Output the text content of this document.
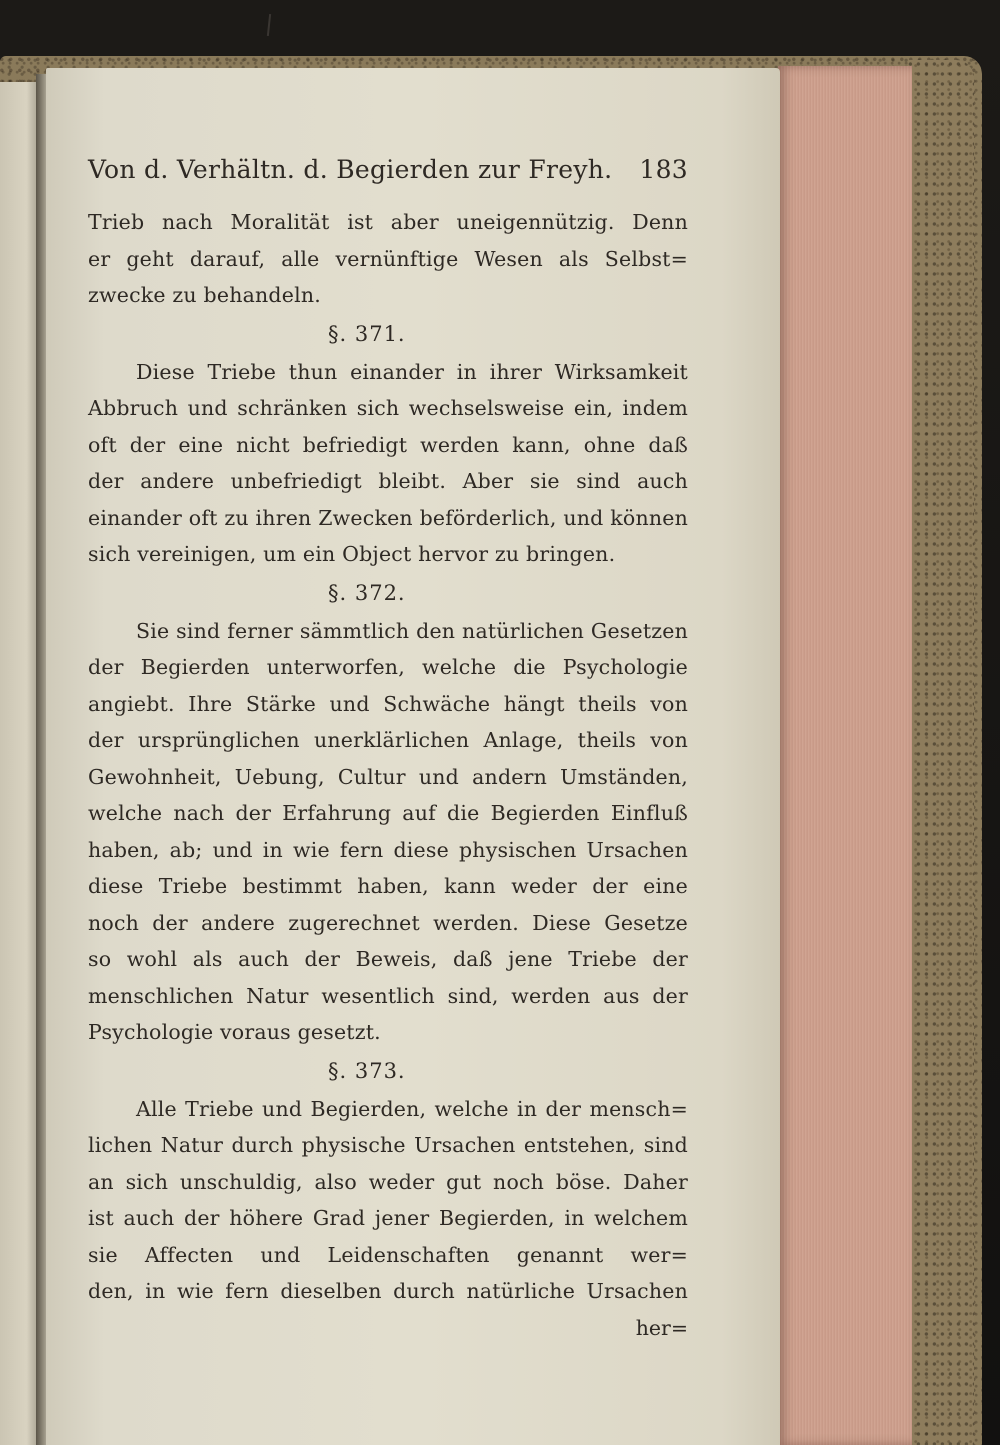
Von d. Verhältn. d. Begierden zur Freyh. 183
Trieb nach Moralität ist aber uneigennützig. Denn
er geht darauf, alle vernünftige Wesen als Selbst=
zwecke zu behandeln.
§. 371.
Diese Triebe thun einander in ihrer Wirksamkeit
Abbruch und schränken sich wechselsweise ein, indem
oft der eine nicht befriedigt werden kann, ohne daß
der andere unbefriedigt bleibt. Aber sie sind auch
einander oft zu ihren Zwecken beförderlich, und können
sich vereinigen, um ein Object hervor zu bringen.
§. 372.
Sie sind ferner sämmtlich den natürlichen Gesetzen
der Begierden unterworfen, welche die Psychologie
angiebt. Ihre Stärke und Schwäche hängt theils von
der ursprünglichen unerklärlichen Anlage, theils von
Gewohnheit, Uebung, Cultur und andern Umständen,
welche nach der Erfahrung auf die Begierden Einfluß
haben, ab; und in wie fern diese physischen Ursachen
diese Triebe bestimmt haben, kann weder der eine
noch der andere zugerechnet werden. Diese Gesetze
so wohl als auch der Beweis, daß jene Triebe der
menschlichen Natur wesentlich sind, werden aus der
Psychologie voraus gesetzt.
§. 373.
Alle Triebe und Begierden, welche in der mensch=
lichen Natur durch physische Ursachen entstehen, sind
an sich unschuldig, also weder gut noch böse. Daher
ist auch der höhere Grad jener Begierden, in welchem
sie Affecten und Leidenschaften genannt wer=
den, in wie fern dieselben durch natürliche Ursachen
her=
